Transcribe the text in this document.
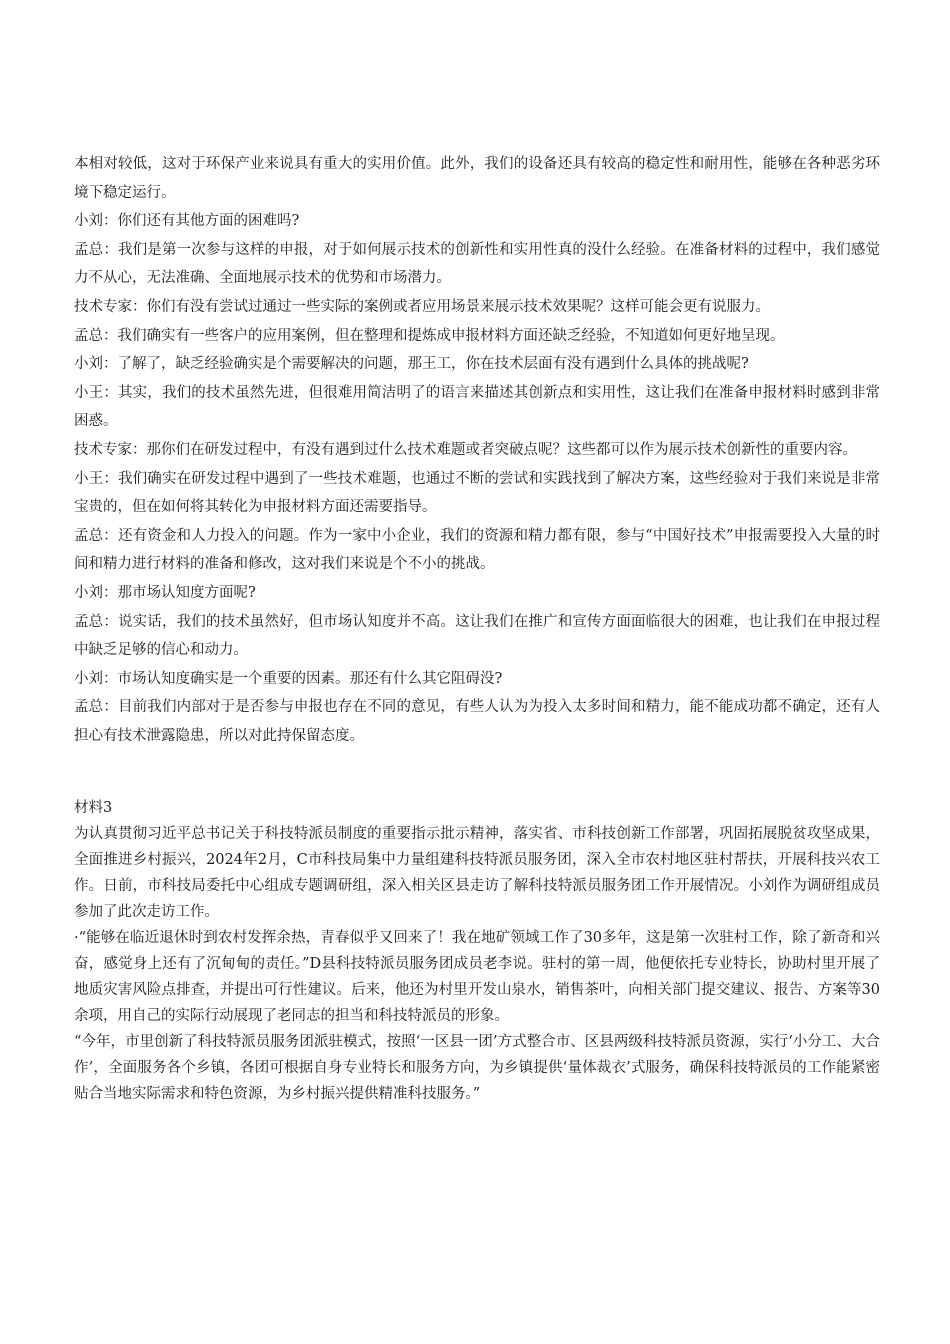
本相对较低，这对于环保产业来说具有重大的实用价值。此外，我们的设备还具有较高的稳定性和耐用性，能够在各种恶劣环境下稳定运行。

小刘：你们还有其他方面的困难吗?

孟总：我们是第一次参与这样的申报，对于如何展示技术的创新性和实用性真的没什么经验。在准备材料的过程中，我们感觉力不从心，无法准确、全面地展示技术的优势和市场潜力。

技术专家：你们有没有尝试过通过一些实际的案例或者应用场景来展示技术效果呢？这样可能会更有说服力。

孟总：我们确实有一些客户的应用案例，但在整理和提炼成申报材料方面还缺乏经验，不知道如何更好地呈现。

小刘：了解了，缺乏经验确实是个需要解决的问题，那王工，你在技术层面有没有遇到什么具体的挑战呢?

小王：其实，我们的技术虽然先进，但很难用简洁明了的语言来描述其创新点和实用性，这让我们在准备申报材料时感到非常困惑。

技术专家：那你们在研发过程中，有没有遇到过什么技术难题或者突破点呢？这些都可以作为展示技术创新性的重要内容。

小王：我们确实在研发过程中遇到了一些技术难题，也通过不断的尝试和实践找到了解决方案，这些经验对于我们来说是非常宝贵的，但在如何将其转化为申报材料方面还需要指导。

孟总：还有资金和人力投入的问题。作为一家中小企业，我们的资源和精力都有限，参与“中国好技术”申报需要投入大量的时间和精力进行材料的准备和修改，这对我们来说是个不小的挑战。

小刘：那市场认知度方面呢?

孟总：说实话，我们的技术虽然好，但市场认知度并不高。这让我们在推广和宣传方面面临很大的困难，也让我们在申报过程中缺乏足够的信心和动力。

小刘：市场认知度确实是一个重要的因素。那还有什么其它阻碍没?

孟总：目前我们内部对于是否参与申报也存在不同的意见，有些人认为为投入太多时间和精力，能不能成功都不确定，还有人担心有技术泄露隐患，所以对此持保留态度。

材料3

为认真贯彻习近平总书记关于科技特派员制度的重要指示批示精神，落实省、市科技创新工作部署，巩固拓展脱贫攻坚成果，全面推进乡村振兴，2024年2月，C市科技局集中力量组建科技特派员服务团，深入全市农村地区驻村帮扶，开展科技兴农工作。日前，市科技局委托中心组成专题调研组，深入相关区县走访了解科技特派员服务团工作开展情况。小刘作为调研组成员参加了此次走访工作。

·“能够在临近退休时到农村发挥余热，青春似乎又回来了！我在地矿领域工作了30多年，这是第一次驻村工作，除了新奇和兴奋，感觉身上还有了沉甸甸的责任。”D县科技特派员服务团成员老李说。驻村的第一周，他便依托专业特长，协助村里开展了地质灾害风险点排查，并提出可行性建议。后来，他还为村里开发山泉水，销售茶叶，向相关部门提交建议、报告、方案等30余项，用自己的实际行动展现了老同志的担当和科技特派员的形象。

“今年，市里创新了科技特派员服务团派驻模式，按照‘一区县一团’方式整合市、区县两级科技特派员资源，实行‘小分工、大合作’，全面服务各个乡镇，各团可根据自身专业特长和服务方向，为乡镇提供‘量体裁衣’式服务，确保科技特派员的工作能紧密贴合当地实际需求和特色资源，为乡村振兴提供精准科技服务。”
